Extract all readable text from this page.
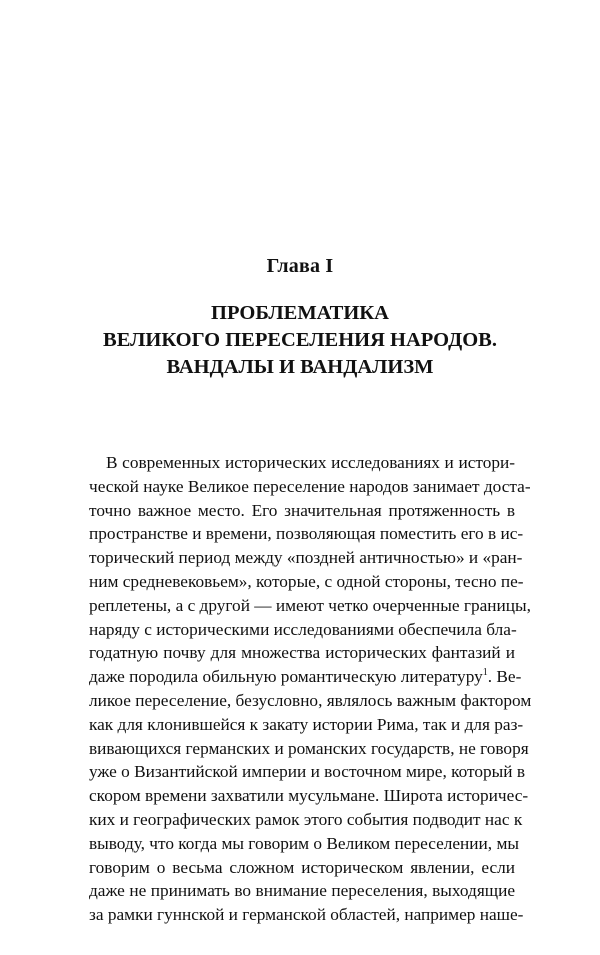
Глава I
ПРОБЛЕМАТИКА
ВЕЛИКОГО ПЕРЕСЕЛЕНИЯ НАРОДОВ.
ВАНДАЛЫ И ВАНДАЛИЗМ
В современных исторических исследованиях и истори-
ческой науке Великое переселение народов занимает доста-
точно важное место. Его значительная протяженность в
пространстве и времени, позволяющая поместить его в ис-
торический период между «поздней античностью» и «ран-
ним средневековьем», которые, с одной стороны, тесно пе-
реплетены, а с другой — имеют четко очерченные границы,
наряду с историческими исследованиями обеспечила бла-
годатную почву для множества исторических фантазий и
даже породила обильную романтическую литературу$^1$. Ве-
ликое переселение, безусловно, являлось важным фактором
как для клонившейся к закату истории Рима, так и для раз-
вивающихся германских и романских государств, не говоря
уже о Византийской империи и восточном мире, который в
скором времени захватили мусульмане. Широта историчес-
ких и географических рамок этого события подводит нас к
выводу, что когда мы говорим о Великом переселении, мы
говорим о весьма сложном историческом явлении, если
даже не принимать во внимание переселения, выходящие
за рамки гуннской и германской областей, например наше-
